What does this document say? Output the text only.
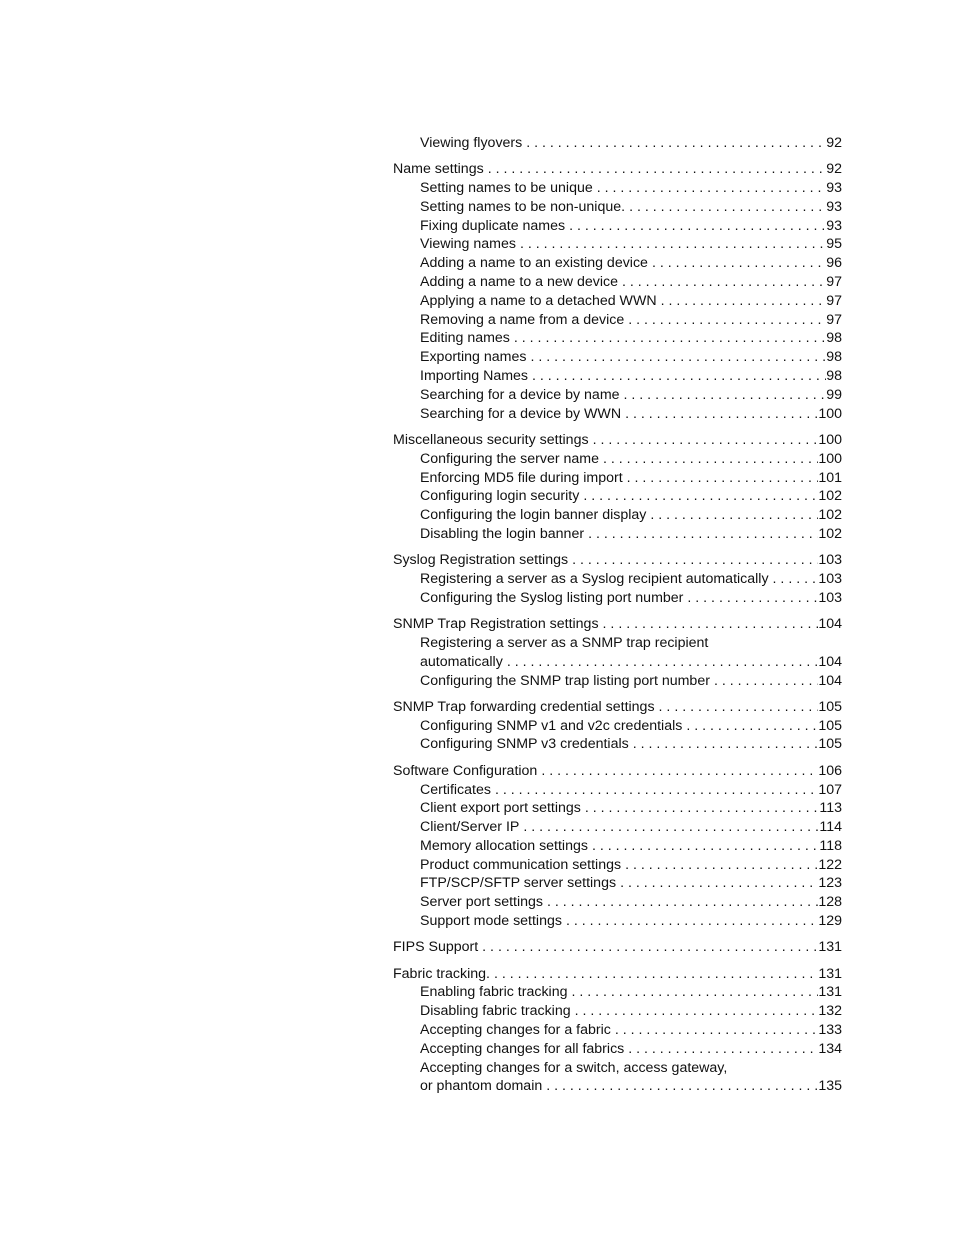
Viewing flyovers . . .	92
Name settings . . .	92
Setting names to be unique . . .	93
Setting names to be non-unique. . . .	93
Fixing duplicate names . . .	93
Viewing names . . .	95
Adding a name to an existing device . . .	96
Adding a name to a new device . . .	97
Applying a name to a detached WWN . . .	97
Removing a name from a device . . .	97
Editing names . . .	98
Exporting names . . .	98
Importing Names . . .	98
Searching for a device by name . . .	99
Searching for a device by WWN . . .	100
Miscellaneous security settings . . .	100
Configuring the server name . . .	100
Enforcing MD5 file during import . . .	101
Configuring login security . . .	102
Configuring the login banner display . . .	102
Disabling the login banner . . .	102
Syslog Registration settings . . .	103
Registering a server as a Syslog recipient automatically . . .	103
Configuring the Syslog listing port number . . .	103
SNMP Trap Registration settings . . .	104
Registering a server as a SNMP trap recipient
automatically . . .	104
Configuring the SNMP trap listing port number . . .	104
SNMP Trap forwarding credential settings . . .	105
Configuring SNMP v1 and v2c credentials . . .	105
Configuring SNMP v3 credentials . . .	105
Software Configuration . . .	106
Certificates . . .	107
Client export port settings . . .	113
Client/Server IP . . .	114
Memory allocation settings . . .	118
Product communication settings . . .	122
FTP/SCP/SFTP server settings . . .	123
Server port settings . . .	128
Support mode settings . . .	129
FIPS Support . . .	131
Fabric tracking. . . .	131
Enabling fabric tracking . . .	131
Disabling fabric tracking . . .	132
Accepting changes for a fabric . . .	133
Accepting changes for all fabrics . . .	134
Accepting changes for a switch, access gateway,
or phantom domain . . .	135
